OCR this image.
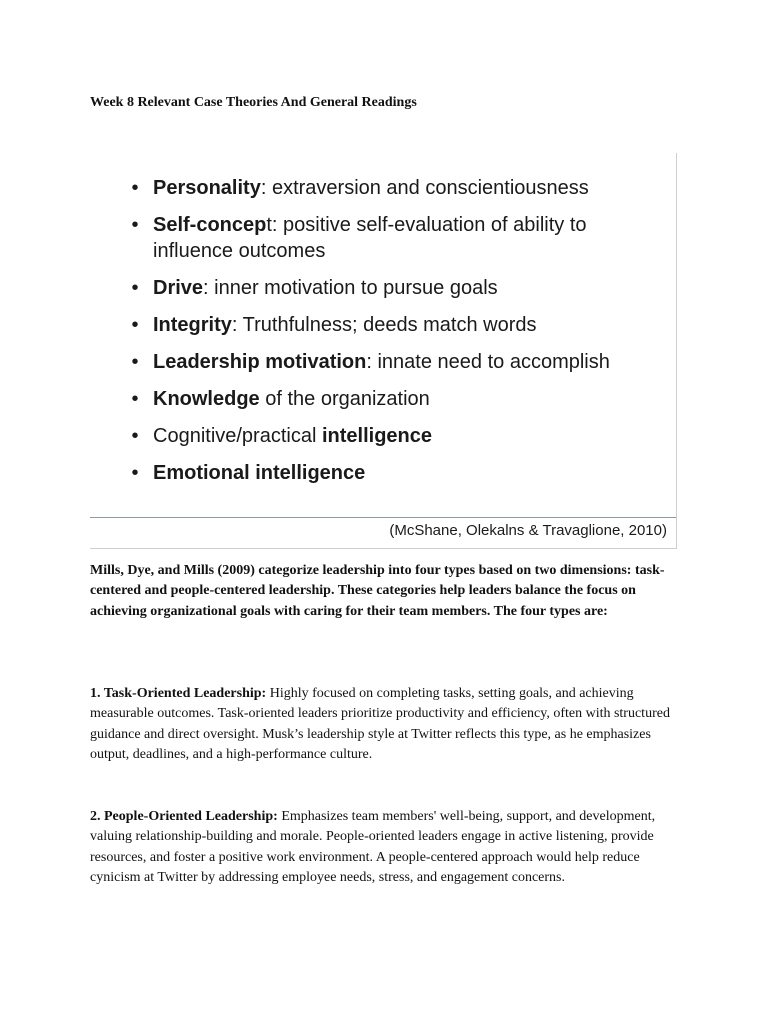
Week 8 Relevant Case Theories And General Readings
• Personality: extraversion and conscientiousness
• Self-concept: positive self-evaluation of ability to influence outcomes
• Drive: inner motivation to pursue goals
• Integrity: Truthfulness; deeds match words
• Leadership motivation: innate need to accomplish
• Knowledge of the organization
• Cognitive/practical intelligence
• Emotional intelligence
(McShane, Olekalns & Travaglione, 2010)

Mills, Dye, and Mills (2009) categorize leadership into four types based on two dimensions: task-centered and people-centered leadership. These categories help leaders balance the focus on achieving organizational goals with caring for their team members. The four types are:

1. Task-Oriented Leadership: Highly focused on completing tasks, setting goals, and achieving measurable outcomes. Task-oriented leaders prioritize productivity and efficiency, often with structured guidance and direct oversight. Musk’s leadership style at Twitter reflects this type, as he emphasizes output, deadlines, and a high-performance culture.

2. People-Oriented Leadership: Emphasizes team members' well-being, support, and development, valuing relationship-building and morale. People-oriented leaders engage in active listening, provide resources, and foster a positive work environment. A people-centered approach would help reduce cynicism at Twitter by addressing employee needs, stress, and engagement concerns.
